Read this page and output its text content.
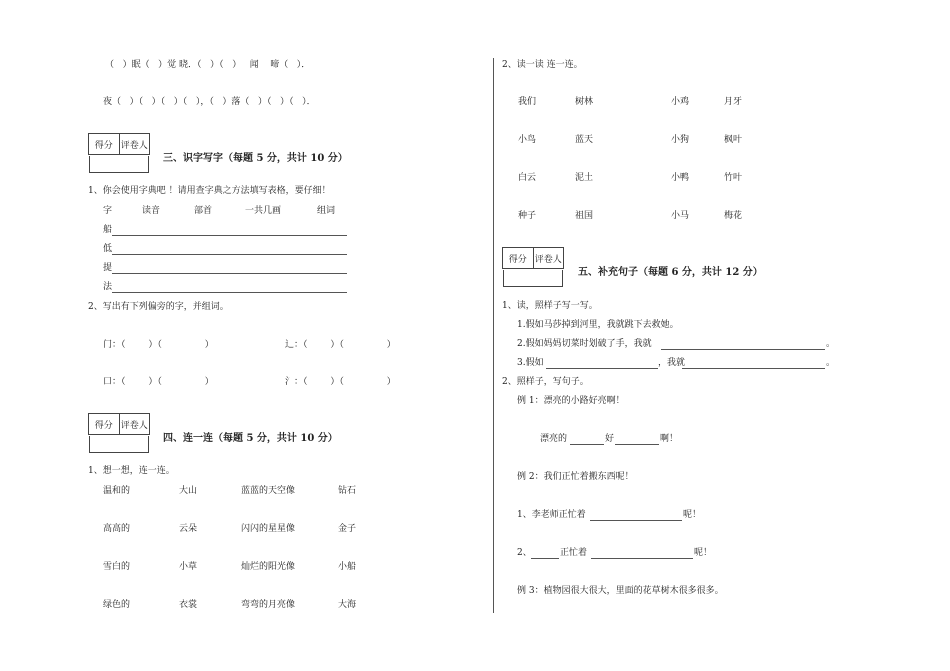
（   ）眠（   ）觉 晓．（   ）（   ）   闻    啼（   ）．
夜（   ）（   ）（   ）（   ），（   ）落（   ）（   ）（   ）．
得分 评卷人
三、识字写字（每题 5 分，共计 10 分）
1、你会使用字典吧 ！请用查字典之方法填写表格，要仔细！
字	读音	部首	一共几画	组词
船
低
提
法
2、写出有下列偏旁的字，并组词。
门：（        ）（               ）	辶：（        ）（               ）
口：（        ）（               ）	氵：（        ）（               ）
得分 评卷人
四、连一连（每题 5 分，共计 10 分）
1、想一想，连一连。
温和的	大山	蓝蓝的天空像	钻石
高高的	云朵	闪闪的星星像	金子
雪白的	小草	灿烂的阳光像	小船
绿色的	衣裳	弯弯的月亮像	大海
2、读一读 连一连。
我们	树林	小鸡	月牙
小鸟	蓝天	小狗	枫叶
白云	泥土	小鸭	竹叶
种子	祖国	小马	梅花
得分 评卷人
五、补充句子（每题 6 分，共计 12 分）
1、读，照样子写一写。
1.假如马莎掉到河里，我就跳下去救她。
2.假如妈妈切菜时划破了手，我就	。
3.假如	，我就	。
2、照样子，写句子。
例 1：漂亮的小路好亮啊！
漂亮的	好	啊！
例 2：我们正忙着搬东西呢！
1、李老师正忙着	呢！
2、	正忙着	呢！
例 3：植物园很大很大，里面的花草树木很多很多。
